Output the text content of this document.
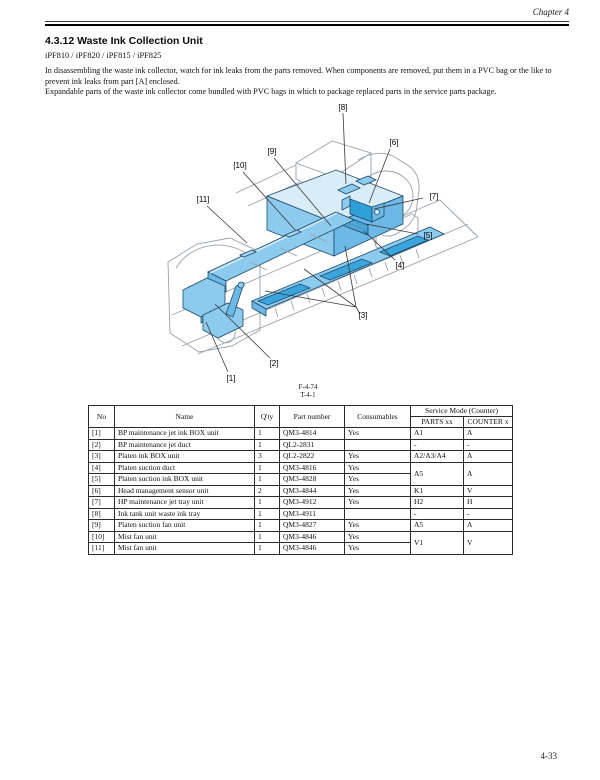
Chapter 4
4.3.12 Waste Ink Collection Unit
iPF810 / iPF820 / iPF815 / iPF825

In disassembling the waste ink collector, watch for ink leaks from the parts removed. When components are removed, put them in a PVC bag or the like to prevent ink leaks from part [A] enclosed.

Expandable parts of the waste ink collector come bundled with PVC bags in which to package replaced parts in the service parts package.

[8]
[6]
[9]
[10]
[7]
[11]
[5]
[4]
[3]
[2]
[1]
F-4-74
T-4-1
No	Name	Q'ty	Part number	Consumables	Service Mode (Counter)	
					PARTS xx	COUNTER x
[1]	BP maintenance jet ink BOX unit	1	QM3-4814	Yes	A1	A
[2]	BP maintenance jet duct	1	QL2-2831		-	-
[3]	Platen ink BOX unit	3	QL2-2822	Yes	A2/A3/A4	A
[4]	Platen suction duct	1	QM3-4816	Yes	A5	A
[5]	Platen suction ink BOX unit	1	QM3-4828	Yes		
[6]	Head management sensor unit	2	QM3-4844	Yes	K1	V
[7]	HP maintenance jet tray unit	1	QM3-4912	Yes	H2	H
[8]	Ink tank unit waste ink tray	1	QM3-4911		-	-
[9]	Platen suction fan unit	1	QM3-4827	Yes	A5	A
[10]	Mist fan unit	1	QM3-4846	Yes	V1	V
[11]	Mist fan unit	1	QM3-4846	Yes		
4-33
